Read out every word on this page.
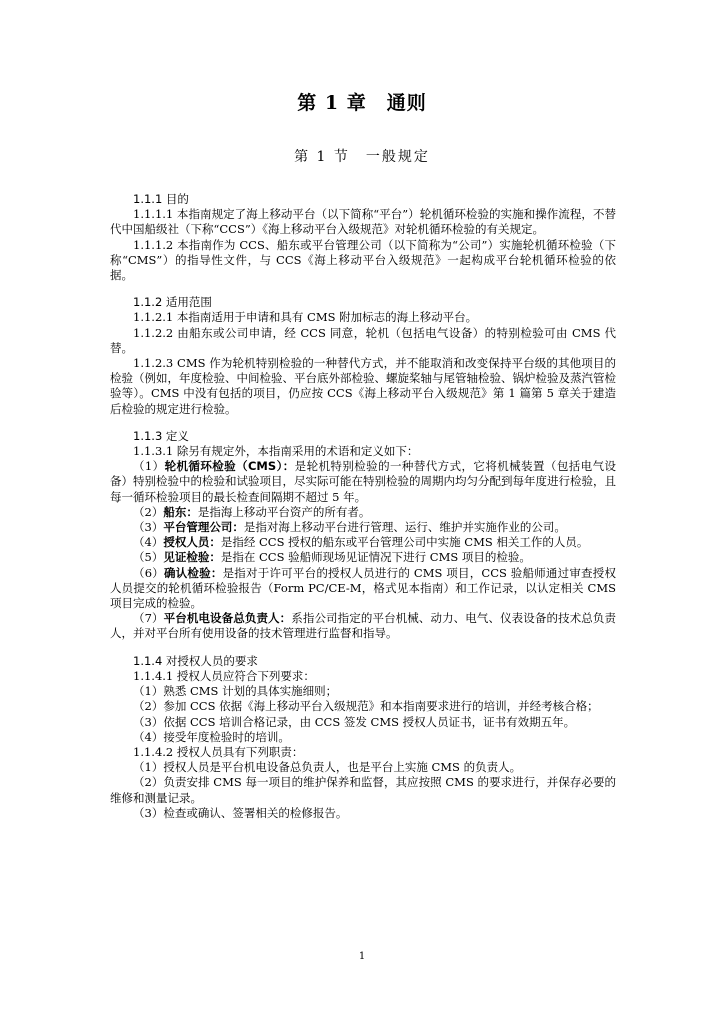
第 1 章　通则
第 1 节　一般规定

1.1.1 目的

1.1.1.1 本指南规定了海上移动平台（以下简称“平台”）轮机循环检验的实施和操作流程，不替代中国船级社（下称“CCS”）《海上移动平台入级规范》对轮机循环检验的有关规定。

1.1.1.2 本指南作为 CCS、船东或平台管理公司（以下简称为“公司”）实施轮机循环检验（下称“CMS”）的指导性文件，与 CCS《海上移动平台入级规范》一起构成平台轮机循环检验的依据。

1.1.2 适用范围

1.1.2.1 本指南适用于申请和具有 CMS 附加标志的海上移动平台。

1.1.2.2 由船东或公司申请，经 CCS 同意，轮机（包括电气设备）的特别检验可由 CMS 代替。

1.1.2.3 CMS 作为轮机特别检验的一种替代方式，并不能取消和改变保持平台级的其他项目的检验（例如，年度检验、中间检验、平台底外部检验、螺旋桨轴与尾管轴检验、锅炉检验及蒸汽管检验等）。CMS 中没有包括的项目，仍应按 CCS《海上移动平台入级规范》第 1 篇第 5 章关于建造后检验的规定进行检验。

1.1.3 定义

1.1.3.1 除另有规定外，本指南采用的术语和定义如下：

（1）轮机循环检验（CMS）：是轮机特别检验的一种替代方式，它将机械装置（包括电气设备）特别检验中的检验和试验项目，尽实际可能在特别检验的周期内均匀分配到每年度进行检验，且每一循环检验项目的最长检查间隔期不超过 5 年。

（2）船东：是指海上移动平台资产的所有者。

（3）平台管理公司：是指对海上移动平台进行管理、运行、维护并实施作业的公司。

（4）授权人员：是指经 CCS 授权的船东或平台管理公司中实施 CMS 相关工作的人员。

（5）见证检验：是指在 CCS 验船师现场见证情况下进行 CMS 项目的检验。

（6）确认检验：是指对于许可平台的授权人员进行的 CMS 项目，CCS 验船师通过审查授权人员提交的轮机循环检验报告（Form PC/CE-M，格式见本指南）和工作记录，以认定相关 CMS 项目完成的检验。

（7）平台机电设备总负责人：系指公司指定的平台机械、动力、电气、仪表设备的技术总负责人，并对平台所有使用设备的技术管理进行监督和指导。

1.1.4 对授权人员的要求

1.1.4.1 授权人员应符合下列要求：

（1）熟悉 CMS 计划的具体实施细则；

（2）参加 CCS 依据《海上移动平台入级规范》和本指南要求进行的培训，并经考核合格；

（3）依据 CCS 培训合格记录，由 CCS 签发 CMS 授权人员证书，证书有效期五年。

（4）接受年度检验时的培训。

1.1.4.2 授权人员具有下列职责：

（1）授权人员是平台机电设备总负责人，也是平台上实施 CMS 的负责人。

（2）负责安排 CMS 每一项目的维护保养和监督，其应按照 CMS 的要求进行，并保存必要的维修和测量记录。

（3）检查或确认、签署相关的检修报告。

1
